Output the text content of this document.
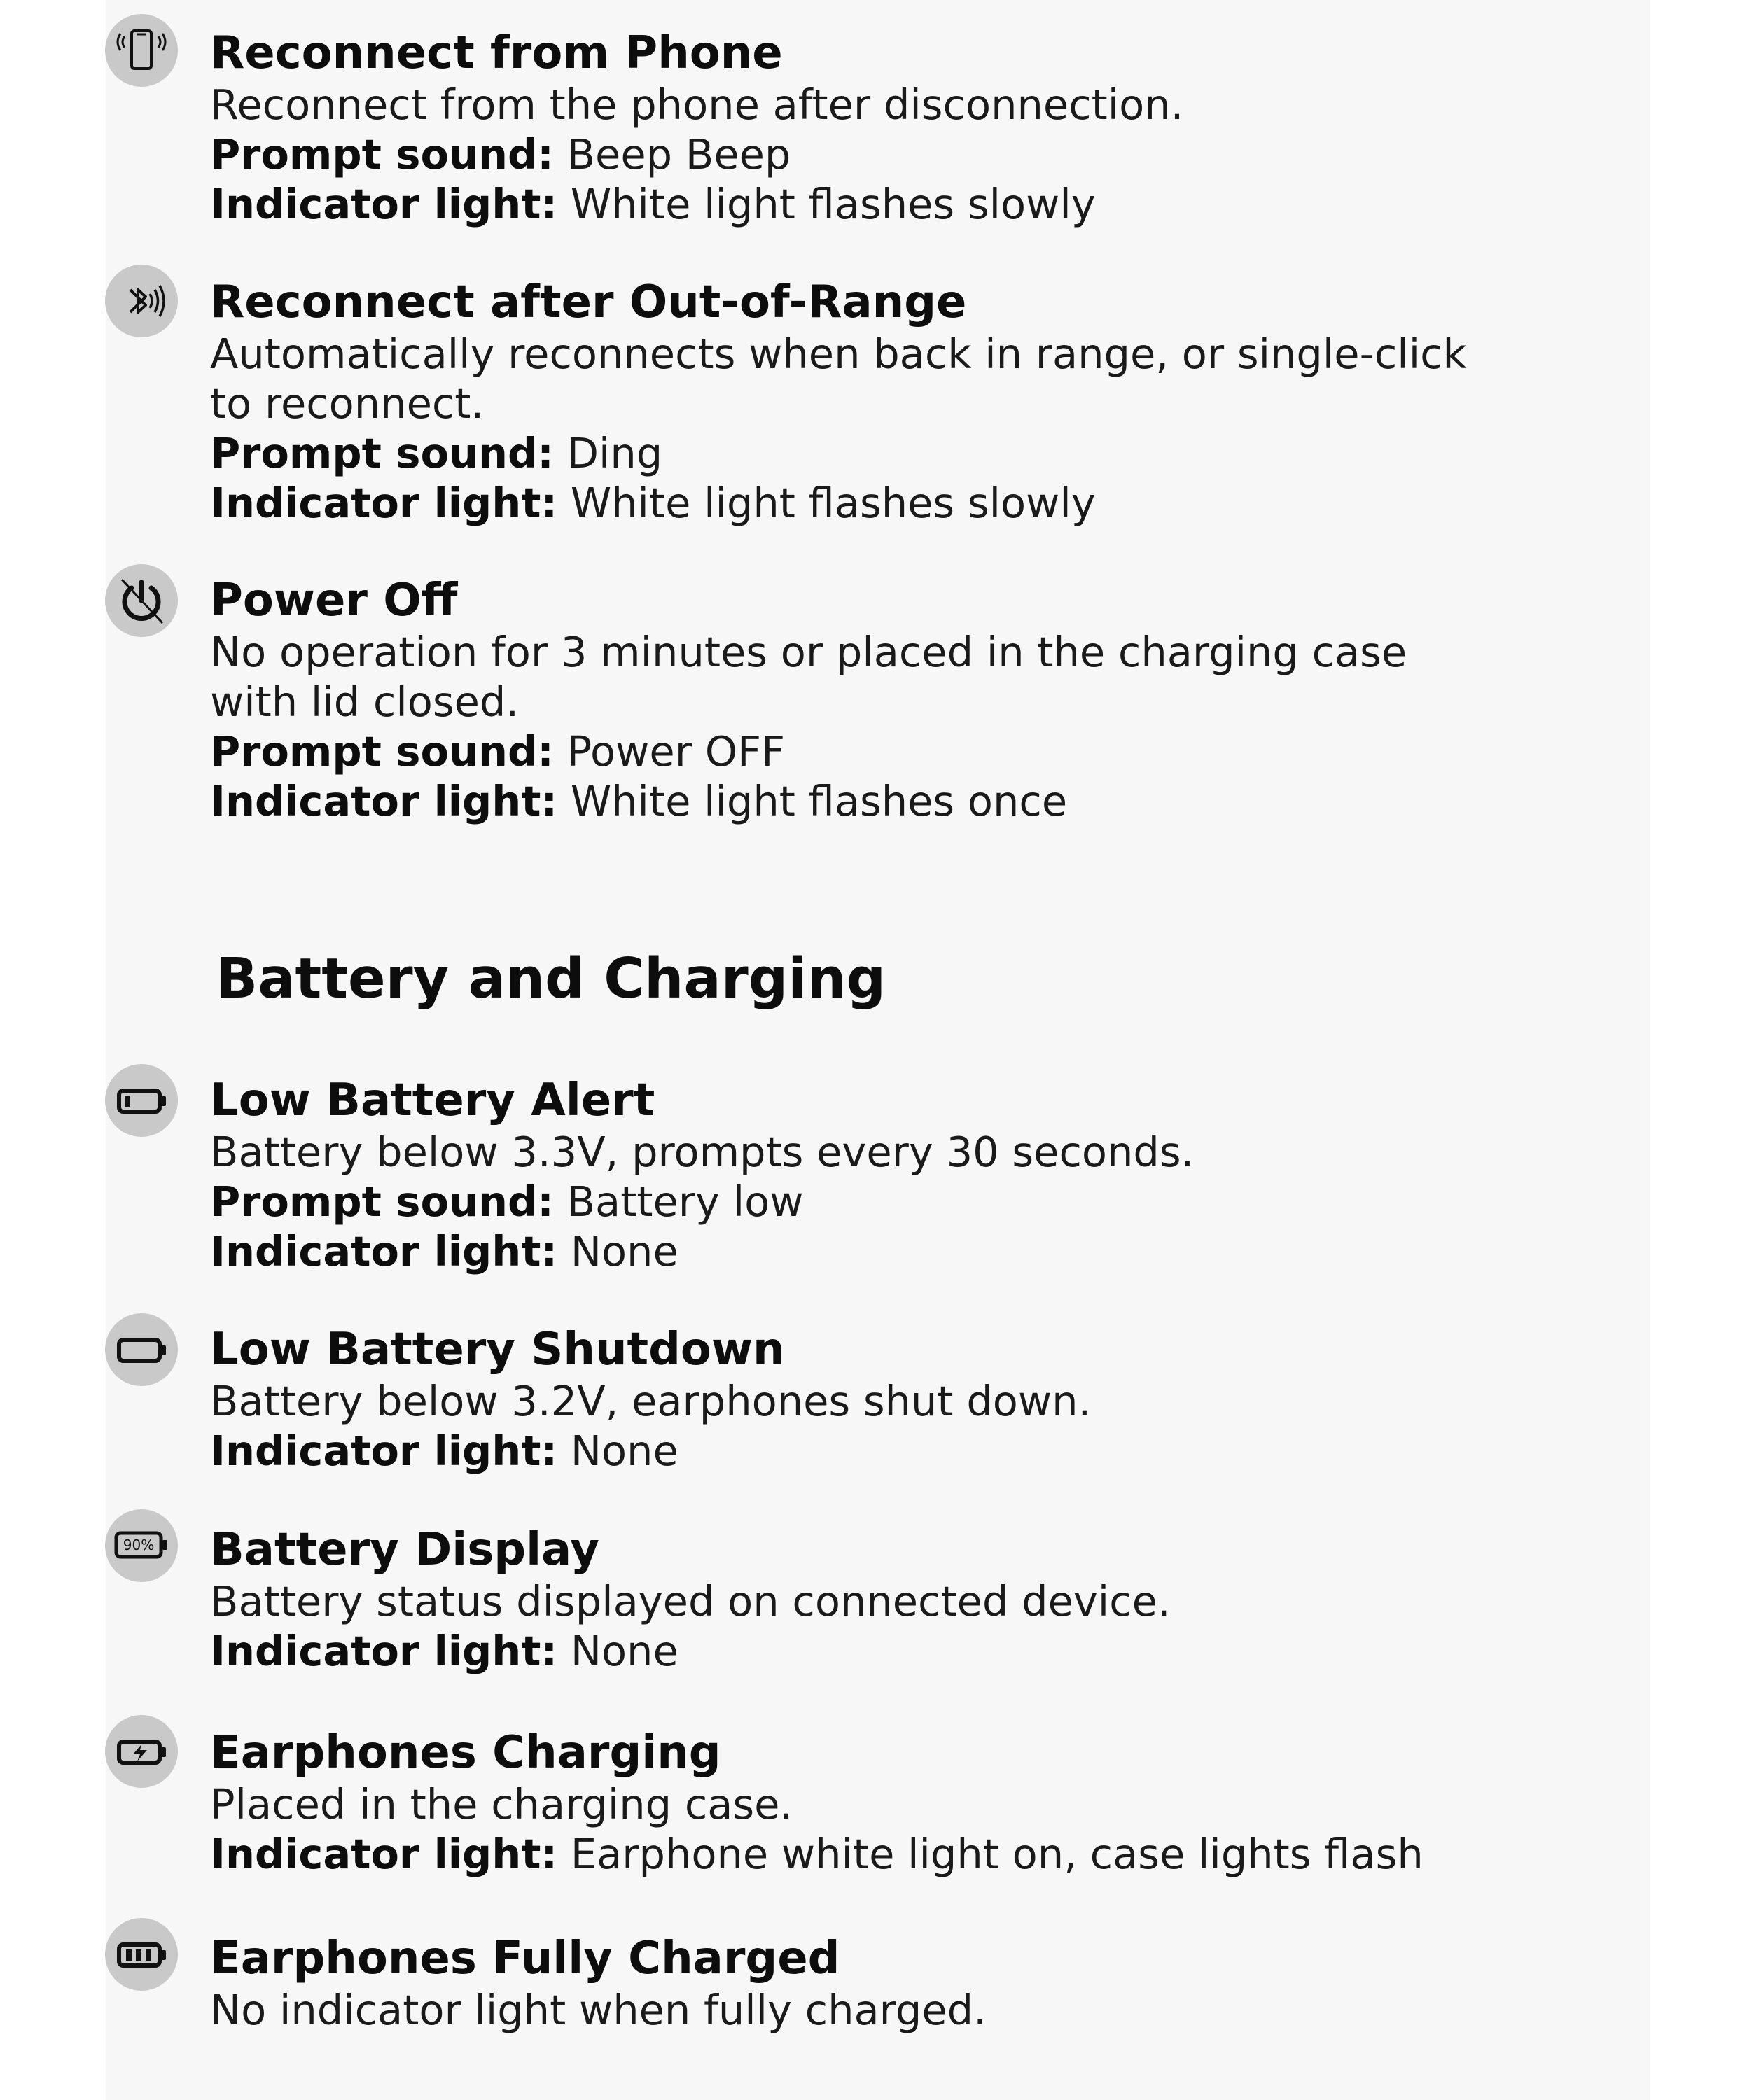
Reconnect from Phone
Reconnect from the phone after disconnection.
Prompt sound: Beep Beep
Indicator light: White light flashes slowly
Reconnect after Out-of-Range
Automatically reconnects when back in range, or single-click
to reconnect.
Prompt sound: Ding
Indicator light: White light flashes slowly
Power Off
No operation for 3 minutes or placed in the charging case
with lid closed.
Prompt sound: Power OFF
Indicator light: White light flashes once
Battery and Charging
Low Battery Alert
Battery below 3.3V, prompts every 30 seconds.
Prompt sound: Battery low
Indicator light: None
Low Battery Shutdown
Battery below 3.2V, earphones shut down.
Indicator light: None
90% Battery Display
Battery status displayed on connected device.
Indicator light: None
Earphones Charging
Placed in the charging case.
Indicator light: Earphone white light on, case lights flash
Earphones Fully Charged
No indicator light when fully charged.
